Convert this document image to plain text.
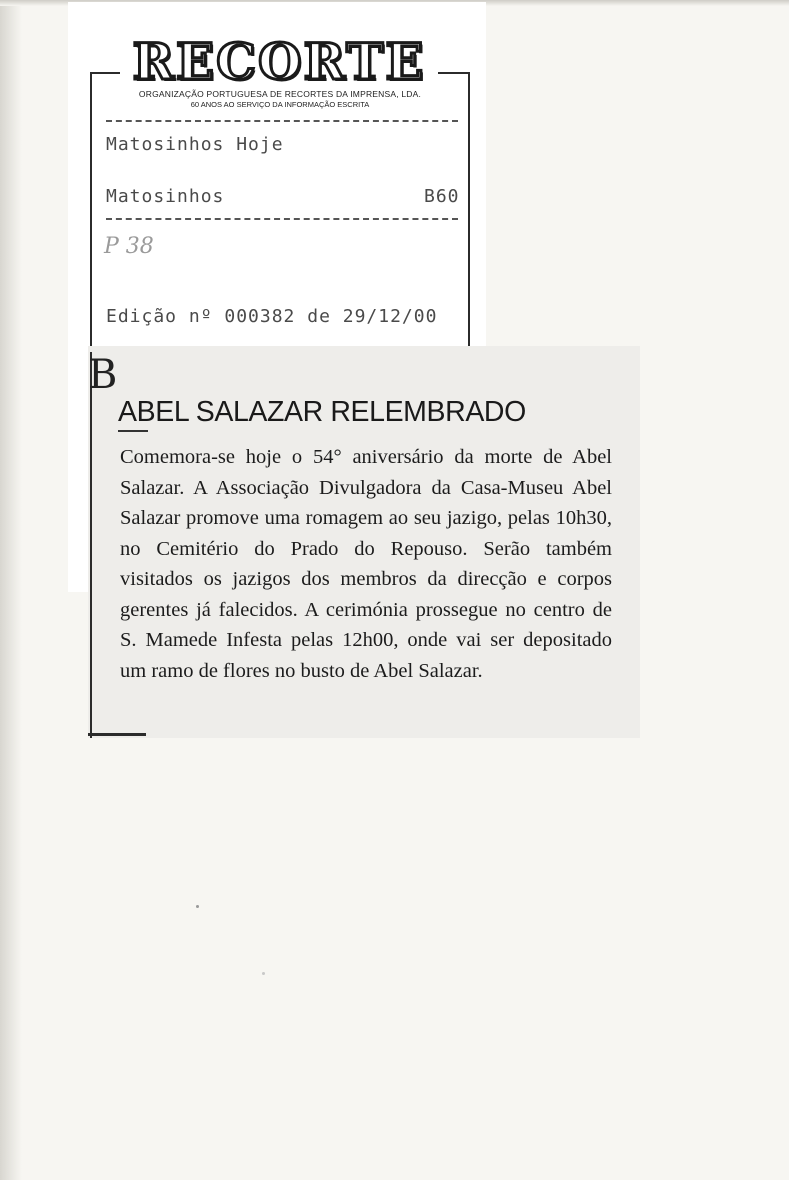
RECORTE
ORGANIZAÇÃO PORTUGUESA DE RECORTES DA IMPRENSA, LDA.
60 ANOS AO SERVIÇO DA INFORMAÇÃO ESCRITA
Matosinhos Hoje
Matosinhos	B60
P 38
Edição nº 000382 de 29/12/00
B
ABEL SALAZAR RELEMBRADO
Comemora-se hoje o 54° aniversário da morte de Abel Salazar. A Associação Divulgadora da Casa-Museu Abel Salazar promove uma romagem ao seu jazigo, pelas 10h30, no Cemitério do Prado do Repouso. Serão também visitados os jazigos dos membros da direcção e corpos gerentes já falecidos. A cerimónia prossegue no centro de S. Mamede Infesta pelas 12h00, onde vai ser depositado um ramo de flores no busto de Abel Salazar.
